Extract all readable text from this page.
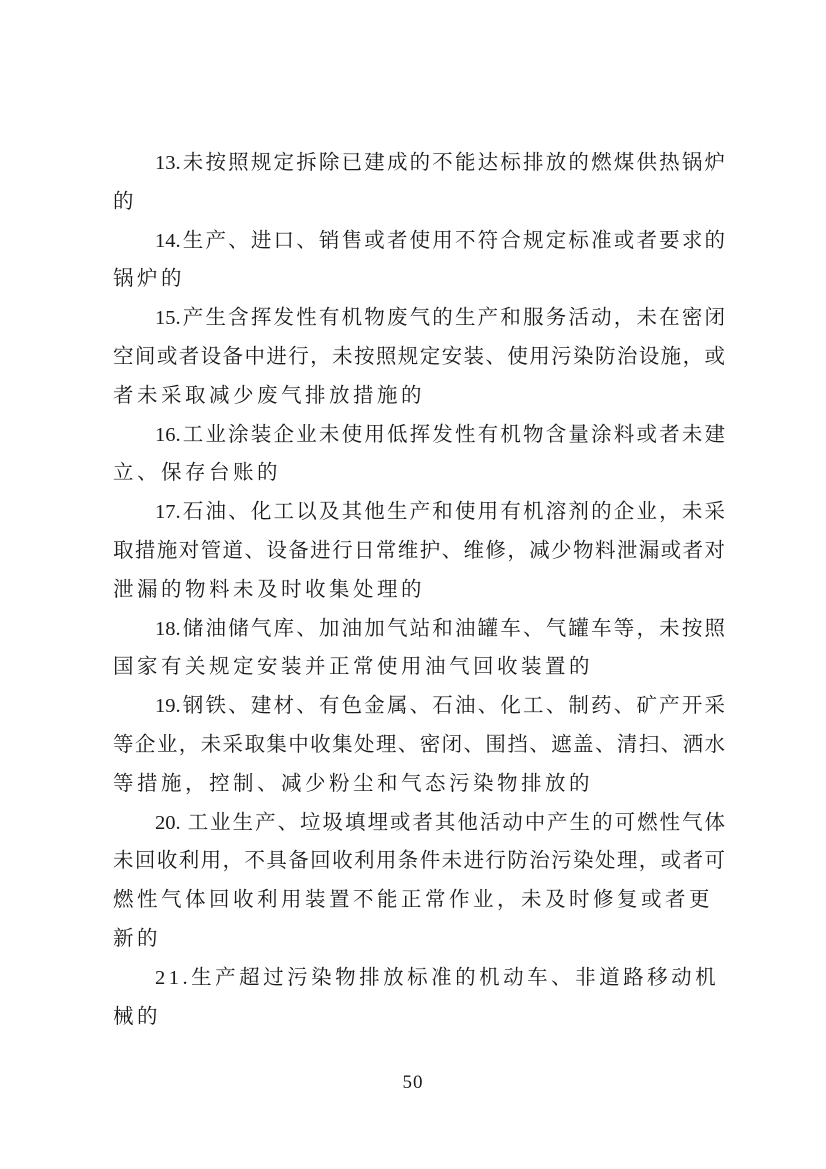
13.未按照规定拆除已建成的不能达标排放的燃煤供热锅炉
的
14.生产、进口、销售或者使用不符合规定标准或者要求的
锅炉的
15.产生含挥发性有机物废气的生产和服务活动，未在密闭
空间或者设备中进行，未按照规定安装、使用污染防治设施，或
者未采取减少废气排放措施的
16.工业涂装企业未使用低挥发性有机物含量涂料或者未建
立、保存台账的
17.石油、化工以及其他生产和使用有机溶剂的企业，未采
取措施对管道、设备进行日常维护、维修，减少物料泄漏或者对
泄漏的物料未及时收集处理的
18.储油储气库、加油加气站和油罐车、气罐车等，未按照
国家有关规定安装并正常使用油气回收装置的
19.钢铁、建材、有色金属、石油、化工、制药、矿产开采
等企业，未采取集中收集处理、密闭、围挡、遮盖、清扫、洒水
等措施，控制、减少粉尘和气态污染物排放的
20. 工业生产、垃圾填埋或者其他活动中产生的可燃性气体
未回收利用，不具备回收利用条件未进行防治污染处理，或者可
燃性气体回收利用装置不能正常作业，未及时修复或者更新的
21.生产超过污染物排放标准的机动车、非道路移动机械的
50
